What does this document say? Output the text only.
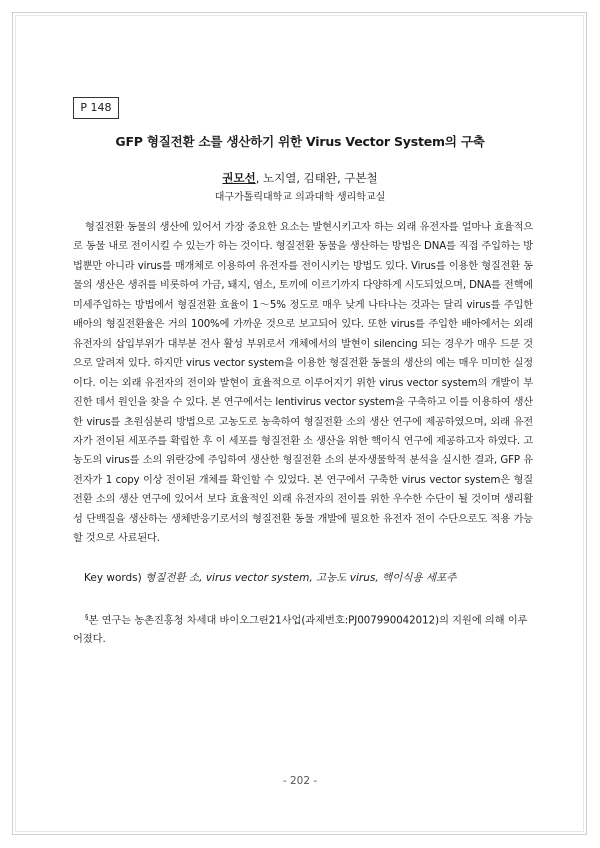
P 148
GFP 형질전환 소를 생산하기 위한 Virus Vector System의 구축
권모선, 노지열, 김태완, 구본철
대구가톨릭대학교 의과대학 생리학교실

형질전환 동물의 생산에 있어서 가장 중요한 요소는 발현시키고자 하는 외래 유전자를 얼마나 효율적으로 동물 내로 전이시킬 수 있는가 하는 것이다. 형질전환 동물을 생산하는 방법은 DNA를 직접 주입하는 방법뿐만 아니라 virus를 매개체로 이용하여 유전자를 전이시키는 방법도 있다. Virus를 이용한 형질전환 동물의 생산은 생쥐를 비롯하여 가금, 돼지, 염소, 토끼에 이르기까지 다양하게 시도되었으며, DNA를 전핵에 미세주입하는 방법에서 형질전환 효율이 1～5% 정도로 매우 낮게 나타나는 것과는 달리 virus를 주입한 배아의 형질전환율은 거의 100%에 가까운 것으로 보고되어 있다. 또한 virus를 주입한 배아에서는 외래 유전자의 삽입부위가 대부분 전사 활성 부위로서 개체에서의 발현이 silencing 되는 경우가 매우 드문 것으로 알려져 있다. 하지만 virus vector system을 이용한 형질전환 동물의 생산의 예는 매우 미미한 실정이다. 이는 외래 유전자의 전이와 발현이 효율적으로 이루어지기 위한 virus vector system의 개발이 부진한 데서 원인을 찾을 수 있다. 본 연구에서는 lentivirus vector system을 구축하고 이를 이용하여 생산한 virus를 초원심분리 방법으로 고농도로 농축하여 형질전환 소의 생산 연구에 제공하였으며, 외래 유전자가 전이된 세포주를 확립한 후 이 세포를 형질전환 소 생산을 위한 핵이식 연구에 제공하고자 하였다. 고농도의 virus를 소의 위란강에 주입하여 생산한 형질전환 소의 분자생물학적 분석을 실시한 결과, GFP 유전자가 1 copy 이상 전이된 개체를 확인할 수 있었다. 본 연구에서 구축한 virus vector system은 형질전환 소의 생산 연구에 있어서 보다 효율적인 외래 유전자의 전이를 위한 우수한 수단이 될 것이며 생리활성 단백질을 생산하는 생체반응기로서의 형질전환 동물 개발에 필요한 유전자 전이 수단으로도 적용 가능할 것으로 사료된다.

Key words) 형질전환 소, virus vector system, 고농도 virus, 핵이식용 세포주

§본 연구는 농촌진흥청 차세대 바이오그린21사업(과제번호:PJ007990042012)의 지원에 의해 이루어졌다.

- 202 -
